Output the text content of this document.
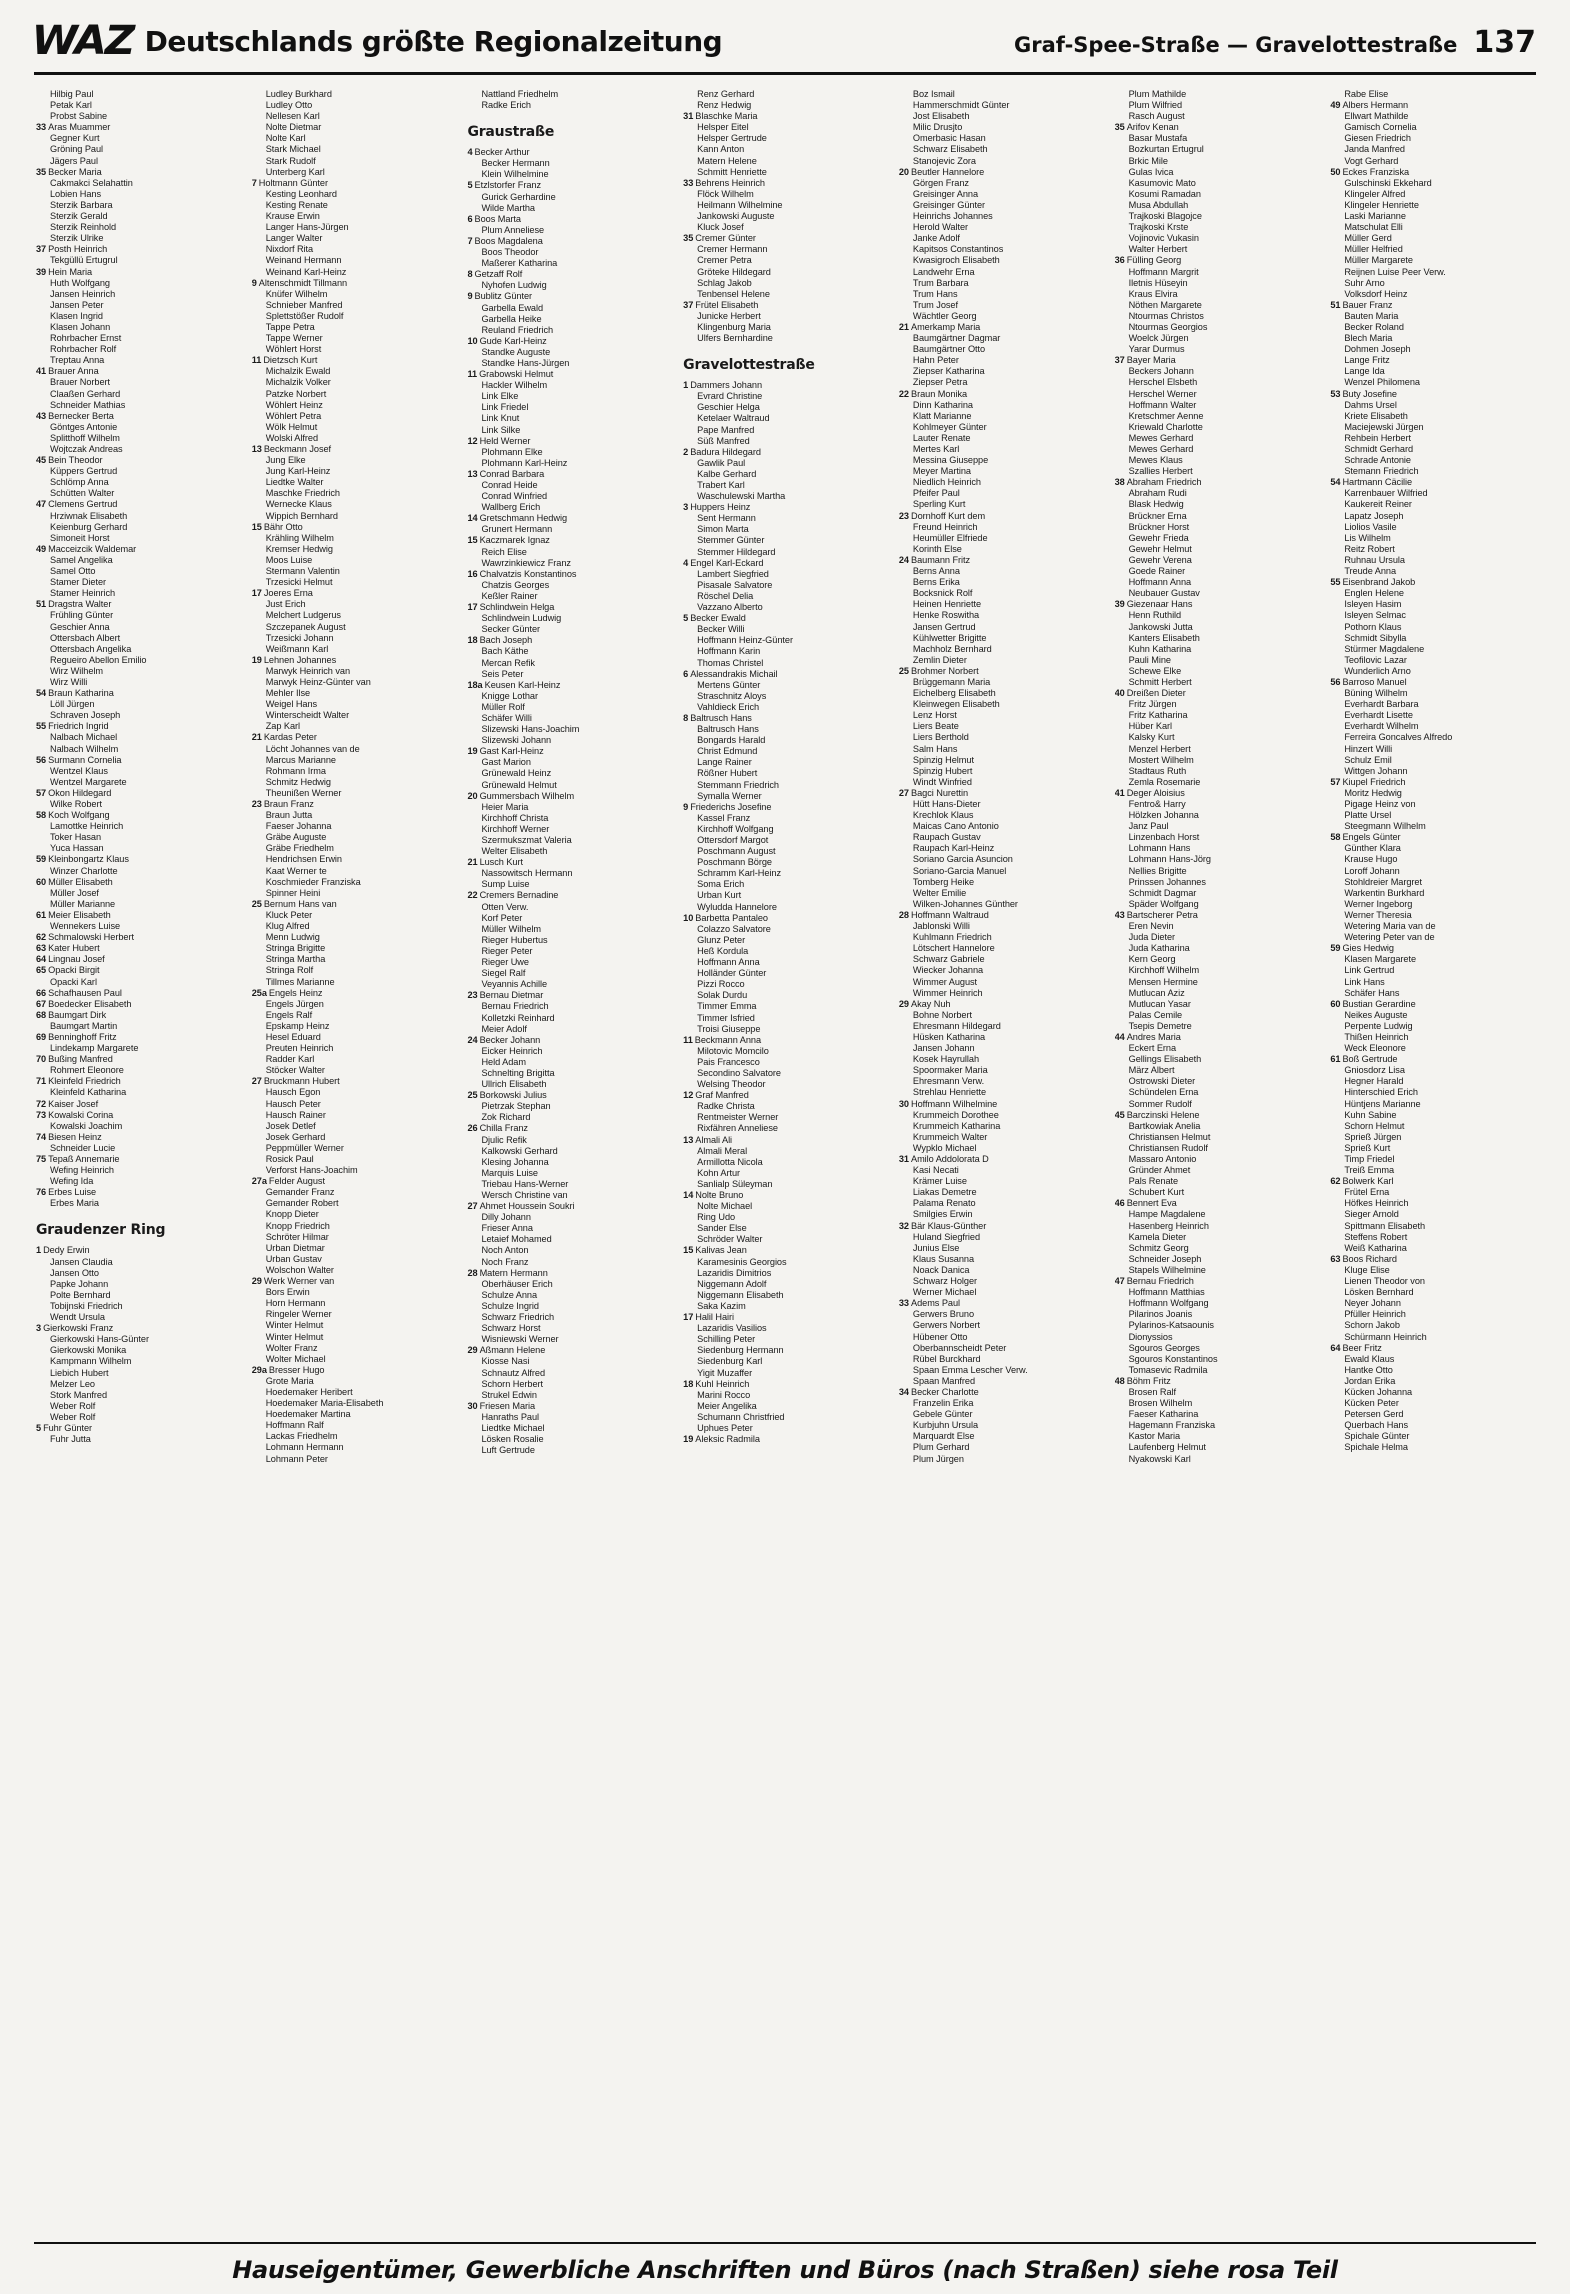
WAZ Deutschlands größte Regionalzeitung	Graf-Spee-Straße — Gravelottestraße 137
Hilbig Paul
Petak Karl
Probst Sabine
33 Aras Muammer
Gegner Kurt
Gröning Paul
Jägers Paul
35 Becker Maria
Cakmakci Selahattin
Lobien Hans
Sterzik Barbara
Sterzik Gerald
Sterzik Reinhold
Sterzik Ulrike
37 Posth Heinrich
Tekgüllü Ertugrul
39 Hein Maria
Huth Wolfgang
Jansen Heinrich
Jansen Peter
Klasen Ingrid
Klasen Johann
Rohrbacher Ernst
Rohrbacher Rolf
Treptau Anna
41 Brauer Anna
Brauer Norbert
Claaßen Gerhard
Schneider Mathias
43 Bernecker Berta
Göntges Antonie
Splitthoff Wilhelm
Wojtczak Andreas
45 Bein Theodor
Küppers Gertrud
Schlömp Anna
Schütten Walter
47 Clemens Gertrud
Hrziwnak Elisabeth
Keienburg Gerhard
Simoneit Horst
49 Macceizcik Waldemar
Samel Angelika
Samel Otto
Stamer Dieter
Stamer Heinrich
51 Dragstra Walter
Frühling Günter
Geschier Anna
Ottersbach Albert
Ottersbach Angelika
Regueiro Abellon Emilio
Wirz Wilhelm
Wirz Willi
54 Braun Katharina
Löll Jürgen
Schraven Joseph
55 Friedrich Ingrid
Nalbach Michael
Nalbach Wilhelm
56 Surmann Cornelia
Wentzel Klaus
Wentzel Margarete
57 Okon Hildegard
Wilke Robert
58 Koch Wolfgang
Lamottke Heinrich
Toker Hasan
Yuca Hassan
59 Kleinbongartz Klaus
Winzer Charlotte
60 Müller Elisabeth
Müller Josef
Müller Marianne
61 Meier Elisabeth
Wennekers Luise
62 Schmalowski Herbert
63 Kater Hubert
64 Lingnau Josef
65 Opacki Birgit
Opacki Karl
66 Schafhausen Paul
67 Boedecker Elisabeth
68 Baumgart Dirk
Baumgart Martin
69 Benninghoff Fritz
Lindekamp Margarete
70 Bußing Manfred
Rohmert Eleonore
71 Kleinfeld Friedrich
Kleinfeld Katharina
72 Kaiser Josef
73 Kowalski Corina
Kowalski Joachim
74 Biesen Heinz
Schneider Lucie
75 Tepaß Annemarie
Wefing Heinrich
Wefing Ida
76 Erbes Luise
Erbes Maria
Graudenzer Ring
1 Dedy Erwin
Jansen Claudia
Jansen Otto
Papke Johann
Polte Bernhard
Tobijnski Friedrich
Wendt Ursula
3 Gierkowski Franz
Gierkowski Hans-Günter
Gierkowski Monika
Kampmann Wilhelm
Liebich Hubert
Melzer Leo
Stork Manfred
Weber Rolf
Weber Rolf
5 Fuhr Günter
Fuhr Jutta
Ludley Burkhard
Ludley Otto
Nellesen Karl
Nolte Dietmar
Nolte Karl
Stark Michael
Stark Rudolf
Unterberg Karl
7 Holtmann Günter
Kesting Leonhard
Kesting Renate
Krause Erwin
Langer Hans-Jürgen
Langer Walter
Nixdorf Rita
Weinand Hermann
Weinand Karl-Heinz
9 Altenschmidt Tillmann
Knüfer Wilhelm
Schnieber Manfred
Splettstößer Rudolf
Tappe Petra
Tappe Werner
Wöhlert Horst
11 Dietzsch Kurt
Michalzik Ewald
Michalzik Volker
Patzke Norbert
Wöhlert Heinz
Wöhlert Petra
Wölk Helmut
Wolski Alfred
13 Beckmann Josef
Jung Elke
Jung Karl-Heinz
Liedtke Walter
Maschke Friedrich
Wernecke Klaus
Wippich Bernhard
15 Bähr Otto
Krähling Wilhelm
Kremser Hedwig
Moos Luise
Stermann Valentin
Trzesicki Helmut
17 Joeres Erna
Just Erich
Melchert Ludgerus
Szczepanek August
Trzesicki Johann
Weißmann Karl
19 Lehnen Johannes
Marwyk Heinrich van
Marwyk Heinz-Günter van
Mehler Ilse
Weigel Hans
Winterscheidt Walter
Zap Karl
21 Kardas Peter
Löcht Johannes van de
Marcus Marianne
Rohmann Irma
Schmitz Hedwig
Theunißen Werner
23 Braun Franz
Braun Jutta
Faeser Johanna
Gräbe Auguste
Gräbe Friedhelm
Hendrichsen Erwin
Kaat Werner te
Koschmieder Franziska
Spinner Heini
25 Bernum Hans van
Kluck Peter
Klug Alfred
Menn Ludwig
Stringa Brigitte
Stringa Martha
Stringa Rolf
Tillmes Marianne
25a Engels Heinz
Engels Jürgen
Engels Ralf
Epskamp Heinz
Hesel Eduard
Preuten Heinrich
Radder Karl
Stöcker Walter
27 Bruckmann Hubert
Hausch Egon
Hausch Peter
Hausch Rainer
Josek Detlef
Josek Gerhard
Peppmüller Werner
Rosick Paul
Verforst Hans-Joachim
27a Felder August
Gemander Franz
Gemander Robert
Knopp Dieter
Knopp Friedrich
Schröter Hilmar
Urban Dietmar
Urban Gustav
Wolschon Walter
29 Werk Werner van
Bors Erwin
Horn Hermann
Ringeler Werner
Winter Helmut
Winter Helmut
Wolter Franz
Wolter Michael
29a Bresser Hugo
Grote Maria
Hoedemaker Heribert
Hoedemaker Maria-Elisabeth
Hoedemaker Martina
Hoffmann Ralf
Lackas Friedhelm
Lohmann Hermann
Lohmann Peter
Nattland Friedhelm
Radke Erich
Graustraße
4 Becker Arthur
Becker Hermann
Klein Wilhelmine
5 Etzlstorfer Franz
Gurick Gerhardine
Wilde Martha
6 Boos Marta
Plum Anneliese
7 Boos Magdalena
Boos Theodor
Maßerer Katharina
8 Getzaff Rolf
Nyhofen Ludwig
9 Bublitz Günter
Garbella Ewald
Garbella Heike
Reuland Friedrich
10 Gude Karl-Heinz
Standke Auguste
Standke Hans-Jürgen
11 Grabowski Helmut
Hackler Wilhelm
Link Elke
Link Friedel
Link Knut
Link Silke
12 Held Werner
Plohmann Elke
Plohmann Karl-Heinz
13 Conrad Barbara
Conrad Heide
Conrad Winfried
Wallberg Erich
14 Gretschmann Hedwig
Grunert Hermann
15 Kaczmarek Ignaz
Reich Elise
Wawrzinkiewicz Franz
16 Chalvatzis Konstantinos
Chatzis Georges
Keßler Rainer
17 Schlindwein Helga
Schlindwein Ludwig
Secker Günter
18 Bach Joseph
Bach Käthe
Mercan Refik
Seis Peter
18a Keusen Karl-Heinz
Knigge Lothar
Müller Rolf
Schäfer Willi
Slizewski Hans-Joachim
Slizewski Johann
19 Gast Karl-Heinz
Gast Marion
Grünewald Heinz
Grünewald Helmut
20 Gummersbach Wilhelm
Heier Maria
Kirchhoff Christa
Kirchhoff Werner
Szermukszmat Valeria
Welter Elisabeth
21 Lusch Kurt
Nassowitsch Hermann
Sump Luise
22 Cremers Bernadine
Otten Verw.
Korf Peter
Müller Wilhelm
Rieger Hubertus
Rieger Peter
Rieger Uwe
Siegel Ralf
Veyannis Achille
23 Bernau Dietmar
Bernau Friedrich
Kolletzki Reinhard
Meier Adolf
24 Becker Johann
Eicker Heinrich
Held Adam
Schnelting Brigitta
Ullrich Elisabeth
25 Borkowski Julius
Pietrzak Stephan
Zok Richard
26 Chilla Franz
Djulic Refik
Kalkowski Gerhard
Klesing Johanna
Marquis Luise
Triebau Hans-Werner
Wersch Christine van
27 Ahmet Houssein Soukri
Dilly Johann
Frieser Anna
Letaief Mohamed
Noch Anton
Noch Franz
28 Matern Hermann
Oberhäuser Erich
Schulze Anna
Schulze Ingrid
Schwarz Friedrich
Schwarz Horst
Wisniewski Werner
29 Aßmann Helene
Kiosse Nasi
Schnautz Alfred
Schorn Herbert
Strukel Edwin
30 Friesen Maria
Hanraths Paul
Liedtke Michael
Lösken Rosalie
Luft Gertrude
Renz Gerhard
Renz Hedwig
31 Blaschke Maria
Helsper Eitel
Helsper Gertrude
Kann Anton
Matern Helene
Schmitt Henriette
33 Behrens Heinrich
Flöck Wilhelm
Heilmann Wilhelmine
Jankowski Auguste
Kluck Josef
35 Cremer Günter
Cremer Hermann
Cremer Petra
Gröteke Hildegard
Schlag Jakob
Tenbensel Helene
37 Frütel Elisabeth
Junicke Herbert
Klingenburg Maria
Ulfers Bernhardine
Gravelottestraße
1 Dammers Johann
Evrard Christine
Geschier Helga
Ketelaer Waltraud
Pape Manfred
Süß Manfred
2 Badura Hildegard
Gawlik Paul
Kalbe Gerhard
Trabert Karl
Waschulewski Martha
3 Huppers Heinz
Sent Hermann
Simon Marta
Stemmer Günter
Stemmer Hildegard
4 Engel Karl-Eckard
Lambert Siegfried
Pisasale Salvatore
Röschel Delia
Vazzano Alberto
5 Becker Ewald
Becker Willi
Hoffmann Heinz-Günter
Hoffmann Karin
Thomas Christel
6 Alessandrakis Michail
Mertens Günter
Straschnitz Aloys
Vahldieck Erich
8 Baltrusch Hans
Baltrusch Hans
Bongards Harald
Christ Edmund
Lange Rainer
Rößner Hubert
Stemmann Friedrich
Symalla Werner
9 Friederichs Josefine
Kassel Franz
Kirchhoff Wolfgang
Ottersdorf Margot
Poschmann August
Poschmann Börge
Schramm Karl-Heinz
Soma Erich
Urban Kurt
Wyludda Hannelore
10 Barbetta Pantaleo
Colazzo Salvatore
Glunz Peter
Heß Kordula
Hoffmann Anna
Holländer Günter
Pizzi Rocco
Solak Durdu
Timmer Emma
Timmer Isfried
Troisi Giuseppe
11 Beckmann Anna
Milotovic Momcilo
Pais Francesco
Secondino Salvatore
Welsing Theodor
12 Graf Manfred
Radke Christa
Rentmeister Werner
Rixfähren Anneliese
13 Almali Ali
Almali Meral
Armillotta Nicola
Kohn Artur
Sanlialp Süleyman
14 Nolte Bruno
Nolte Michael
Ring Udo
Sander Else
Schröder Walter
15 Kalivas Jean
Karamesinis Georgios
Lazaridis Dimitrios
Niggemann Adolf
Niggemann Elisabeth
Saka Kazim
17 Halil Hairi
Lazaridis Vasilios
Schilling Peter
Siedenburg Hermann
Siedenburg Karl
Yigit Muzaffer
18 Kuhl Heinrich
Marini Rocco
Meier Angelika
Schumann Christfried
Uphues Peter
19 Aleksic Radmila
Boz Ismail
Hammerschmidt Günter
Jost Elisabeth
Milic Drusjto
Omerbasic Hasan
Schwarz Elisabeth
Stanojevic Zora
20 Beutler Hannelore
Görgen Franz
Greisinger Anna
Greisinger Günter
Heinrichs Johannes
Herold Walter
Janke Adolf
Kapitsos Constantinos
Kwasigroch Elisabeth
Landwehr Erna
Trum Barbara
Trum Hans
Trum Josef
Wächtler Georg
21 Amerkamp Maria
Baumgärtner Dagmar
Baumgärtner Otto
Hahn Peter
Ziepser Katharina
Ziepser Petra
22 Braun Monika
Dinn Katharina
Klatt Marianne
Kohlmeyer Günter
Lauter Renate
Mertes Karl
Messina Giuseppe
Meyer Martina
Niedlich Heinrich
Pfeifer Paul
Sperling Kurt
23 Dornhoff Kurt dem
Freund Heinrich
Heumüller Elfriede
Korinth Else
24 Baumann Fritz
Berns Anna
Berns Erika
Bocksnick Rolf
Heinen Henriette
Henke Roswitha
Jansen Gertrud
Kühlwetter Brigitte
Machholz Bernhard
Zemlin Dieter
25 Brohmer Norbert
Brüggemann Maria
Eichelberg Elisabeth
Kleinwegen Elisabeth
Lenz Horst
Liers Beate
Liers Berthold
Salm Hans
Spinzig Helmut
Spinzig Hubert
Windt Winfried
27 Bagci Nurettin
Hütt Hans-Dieter
Krechlok Klaus
Maicas Cano Antonio
Raupach Gustav
Raupach Karl-Heinz
Soriano Garcia Asuncion
Soriano-Garcia Manuel
Tomberg Heike
Welter Emilie
Wilken-Johannes Günther
28 Hoffmann Waltraud
Jablonski Willi
Kuhlmann Friedrich
Lötschert Hannelore
Schwarz Gabriele
Wiecker Johanna
Wimmer August
Wimmer Heinrich
29 Akay Nuh
Bohne Norbert
Ehresmann Hildegard
Hüsken Katharina
Jansen Johann
Kosek Hayrullah
Spoormaker Maria
Ehresmann Verw.
Strehlau Henriette
30 Hoffmann Wilhelmine
Krummeich Dorothee
Krummeich Katharina
Krummeich Walter
Wypklo Michael
31 Amilo Addolorata D
Kasi Necati
Krämer Luise
Liakas Demetre
Palama Renato
Smilgies Erwin
32 Bär Klaus-Günther
Huland Siegfried
Junius Else
Klaus Susanna
Noack Danica
Schwarz Holger
Werner Michael
33 Adems Paul
Gerwers Bruno
Gerwers Norbert
Hübener Otto
Oberbannscheidt Peter
Rübel Burckhard
Spaan Emma Lescher Verw.
Spaan Manfred
34 Becker Charlotte
Franzelin Erika
Gebele Günter
Kurbjuhn Ursula
Marquardt Else
Plum Gerhard
Plum Jürgen
Plum Mathilde
Plum Wilfried
Rasch August
35 Arifov Kenan
Basar Mustafa
Bozkurtan Ertugrul
Brkic Mile
Gulas Ivica
Kasumovic Mato
Kosumi Ramadan
Musa Abdullah
Trajkoski Blagojce
Trajkoski Krste
Vojinovic Vukasin
Walter Herbert
36 Fülling Georg
Hoffmann Margrit
Iletnis Hüseyin
Kraus Elvira
Nöthen Margarete
Ntourmas Christos
Ntourmas Georgios
Woelck Jürgen
Yarar Durmus
37 Bayer Maria
Beckers Johann
Herschel Elsbeth
Herschel Werner
Hoffmann Walter
Kretschmer Aenne
Kriewald Charlotte
Mewes Gerhard
Mewes Gerhard
Mewes Klaus
Szallies Herbert
38 Abraham Friedrich
Abraham Rudi
Blask Hedwig
Brückner Erna
Brückner Horst
Gewehr Frieda
Gewehr Helmut
Gewehr Verena
Goede Rainer
Hoffmann Anna
Neubauer Gustav
39 Giezenaar Hans
Henn Ruthild
Jankowski Jutta
Kanters Elisabeth
Kuhn Katharina
Pauli Mine
Schewe Elke
Schmitt Herbert
40 Dreißen Dieter
Fritz Jürgen
Fritz Katharina
Hüber Karl
Kalsky Kurt
Menzel Herbert
Mostert Wilhelm
Stadtaus Ruth
Zemla Rosemarie
41 Deger Aloisius
Fentro& Harry
Hölzken Johanna
Janz Paul
Linzenbach Horst
Lohmann Hans
Lohmann Hans-Jörg
Nellies Brigitte
Prinssen Johannes
Schmidt Dagmar
Späder Wolfgang
43 Bartscherer Petra
Eren Nevin
Juda Dieter
Juda Katharina
Kern Georg
Kirchhoff Wilhelm
Mensen Hermine
Mutlucan Aziz
Mutlucan Yasar
Palas Cemile
Tsepis Demetre
44 Andres Maria
Eckert Erna
Gellings Elisabeth
März Albert
Ostrowski Dieter
Schündelen Erna
Sommer Rudolf
45 Barczinski Helene
Bartkowiak Anelia
Christiansen Helmut
Christiansen Rudolf
Massaro Antonio
Gründer Ahmet
Pals Renate
Schubert Kurt
46 Bennert Eva
Hampe Magdalene
Hasenberg Heinrich
Kamela Dieter
Schmitz Georg
Schneider Joseph
Stapels Wilhelmine
47 Bernau Friedrich
Hoffmann Matthias
Hoffmann Wolfgang
Pilarinos Joanis
Pylarinos-Katsaounis
Dionyssios
Sgouros Georges
Sgouros Konstantinos
Tomasevic Radmila
48 Böhm Fritz
Brosen Ralf
Brosen Wilhelm
Faeser Katharina
Hagemann Franziska
Kastor Maria
Laufenberg Helmut
Nyakowski Karl
Rabe Elise
49 Albers Hermann
Ellwart Mathilde
Gamisch Cornelia
Giesen Friedrich
Janda Manfred
Vogt Gerhard
50 Eckes Franziska
Gulschinski Ekkehard
Klingeler Alfred
Klingeler Henriette
Laski Marianne
Matschulat Elli
Müller Gerd
Müller Helfried
Müller Margarete
Reijnen Luise Peer Verw.
Suhr Arno
Volksdorf Heinz
51 Bauer Franz
Bauten Maria
Becker Roland
Blech Maria
Dohmen Joseph
Lange Fritz
Lange Ida
Wenzel Philomena
53 Buty Josefine
Dahms Ursel
Kriete Elisabeth
Maciejewski Jürgen
Rehbein Herbert
Schmidt Gerhard
Schrade Antonie
Stemann Friedrich
54 Hartmann Cäcilie
Karrenbauer Wilfried
Kaukereit Reiner
Lapatz Joseph
Liolios Vasile
Lis Wilhelm
Reitz Robert
Ruhnau Ursula
Treude Anna
55 Eisenbrand Jakob
Englen Helene
Isleyen Hasim
Isleyen Selmac
Pothorn Klaus
Schmidt Sibylla
Stürmer Magdalene
Teofilovic Lazar
Wunderlich Arno
56 Barroso Manuel
Büning Wilhelm
Everhardt Barbara
Everhardt Lisette
Everhardt Wilhelm
Ferreira Goncalves Alfredo
Hinzert Willi
Schulz Emil
Wittgen Johann
57 Kiupel Friedrich
Moritz Hedwig
Pigage Heinz von
Platte Ursel
Steegmann Wilhelm
58 Engels Günter
Günther Klara
Krause Hugo
Loroff Johann
Stohldreier Margret
Warkentin Burkhard
Werner Ingeborg
Werner Theresia
Wetering Maria van de
Wetering Peter van de
59 Gies Hedwig
Klasen Margarete
Link Gertrud
Link Hans
Schäfer Hans
60 Bustian Gerardine
Neikes Auguste
Perpente Ludwig
Thißen Heinrich
Weck Eleonore
61 Boß Gertrude
Gniosdorz Lisa
Hegner Harald
Hinterschied Erich
Hüntjens Marianne
Kuhn Sabine
Schorn Helmut
Sprieß Jürgen
Sprieß Kurt
Timp Friedel
Treiß Emma
62 Bolwerk Karl
Frütel Erna
Höfkes Heinrich
Sieger Arnold
Spittmann Elisabeth
Steffens Robert
Weiß Katharina
63 Boos Richard
Kluge Elise
Lienen Theodor von
Lösken Bernhard
Neyer Johann
Pfüller Heinrich
Schorn Jakob
Schürmann Heinrich
64 Beer Fritz
Ewald Klaus
Hantke Otto
Jordan Erika
Kücken Johanna
Kücken Peter
Petersen Gerd
Querbach Hans
Spichale Günter
Spichale Helma
Hauseigentümer, Gewerbliche Anschriften und Büros (nach Straßen) siehe rosa Teil
